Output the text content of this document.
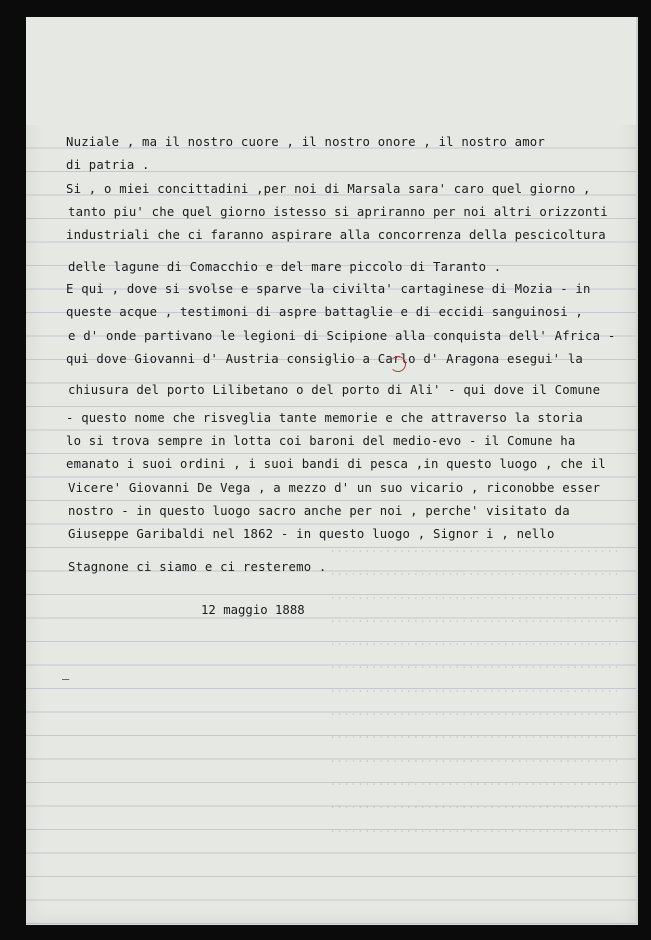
..........................................
..........................................
..........................................
..........................................
..........................................
..........................................
..........................................
..........................................
..........................................
..........................................
..........................................
..........................................
..........................................
Nuziale , ma il nostro cuore , il nostro onore , il nostro amor
di patria .
Si , o miei concittadini ,per noi di Marsala sara' caro quel giorno ,
tanto piu' che quel giorno istesso si apriranno per noi altri orizzonti
industriali che ci faranno aspirare alla concorrenza della pescicoltura
delle lagune di Comacchio e del mare piccolo di Taranto .
E qui , dove si svolse e sparve la civilta' cartaginese di Mozia - in
queste acque , testimoni di aspre battaglie e di eccidi sanguinosi ,
e d' onde partivano le legioni di Scipione alla conquista dell' Africa -
qui dove Giovanni d' Austria consiglio a Carlo d' Aragona esegui' la
chiusura del porto Lilibetano o del porto di Ali' - qui dove il Comune
- questo nome che risveglia tante memorie e che attraverso la storia
lo si trova sempre in lotta coi baroni del medio-evo - il Comune ha
emanato i suoi ordini , i suoi bandi di pesca ,in questo luogo , che il
Vicere' Giovanni De Vega , a mezzo d' un suo vicario , riconobbe esser
nostro - in questo luogo sacro anche per noi , perche' visitato da
Giuseppe Garibaldi nel 1862 - in questo luogo , Signor i , nello
Stagnone ci siamo e ci resteremo .
12 maggio 1888
–
